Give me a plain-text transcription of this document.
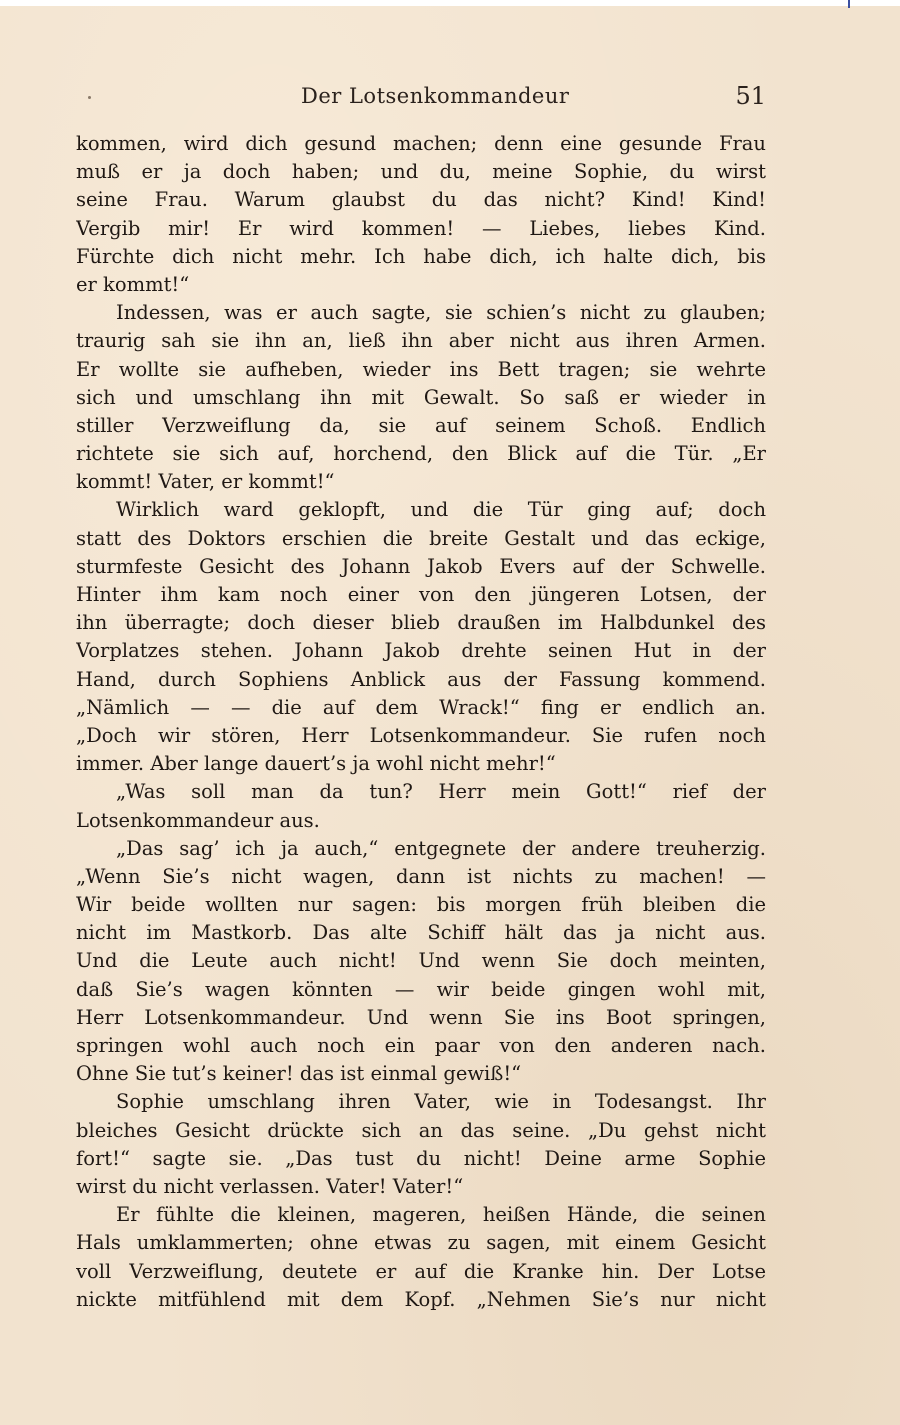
Der Lotsenkommandeur	51
kommen, wird dich gesund machen; denn eine gesunde Frau
muß er ja doch haben; und du, meine Sophie, du wirst
seine Frau. Warum glaubst du das nicht? Kind! Kind!
Vergib mir! Er wird kommen! — Liebes, liebes Kind.
Fürchte dich nicht mehr. Ich habe dich, ich halte dich, bis
er kommt!“
Indessen, was er auch sagte, sie schien’s nicht zu glauben;
traurig sah sie ihn an, ließ ihn aber nicht aus ihren Armen.
Er wollte sie aufheben, wieder ins Bett tragen; sie wehrte
sich und umschlang ihn mit Gewalt. So saß er wieder in
stiller Verzweiflung da, sie auf seinem Schoß. Endlich
richtete sie sich auf, horchend, den Blick auf die Tür. „Er
kommt! Vater, er kommt!“
Wirklich ward geklopft, und die Tür ging auf; doch
statt des Doktors erschien die breite Gestalt und das eckige,
sturmfeste Gesicht des Johann Jakob Evers auf der Schwelle.
Hinter ihm kam noch einer von den jüngeren Lotsen, der
ihn überragte; doch dieser blieb draußen im Halbdunkel des
Vorplatzes stehen. Johann Jakob drehte seinen Hut in der
Hand, durch Sophiens Anblick aus der Fassung kommend.
„Nämlich — — die auf dem Wrack!“ fing er endlich an.
„Doch wir stören, Herr Lotsenkommandeur. Sie rufen noch
immer. Aber lange dauert’s ja wohl nicht mehr!“
„Was soll man da tun? Herr mein Gott!“ rief der
Lotsenkommandeur aus.
„Das sag’ ich ja auch,“ entgegnete der andere treuherzig.
„Wenn Sie’s nicht wagen, dann ist nichts zu machen! —
Wir beide wollten nur sagen: bis morgen früh bleiben die
nicht im Mastkorb. Das alte Schiff hält das ja nicht aus.
Und die Leute auch nicht! Und wenn Sie doch meinten,
daß Sie’s wagen könnten — wir beide gingen wohl mit,
Herr Lotsenkommandeur. Und wenn Sie ins Boot springen,
springen wohl auch noch ein paar von den anderen nach.
Ohne Sie tut’s keiner! das ist einmal gewiß!“
Sophie umschlang ihren Vater, wie in Todesangst. Ihr
bleiches Gesicht drückte sich an das seine. „Du gehst nicht
fort!“ sagte sie. „Das tust du nicht! Deine arme Sophie
wirst du nicht verlassen. Vater! Vater!“
Er fühlte die kleinen, mageren, heißen Hände, die seinen
Hals umklammerten; ohne etwas zu sagen, mit einem Gesicht
voll Verzweiflung, deutete er auf die Kranke hin. Der Lotse
nickte mitfühlend mit dem Kopf. „Nehmen Sie’s nur nicht
